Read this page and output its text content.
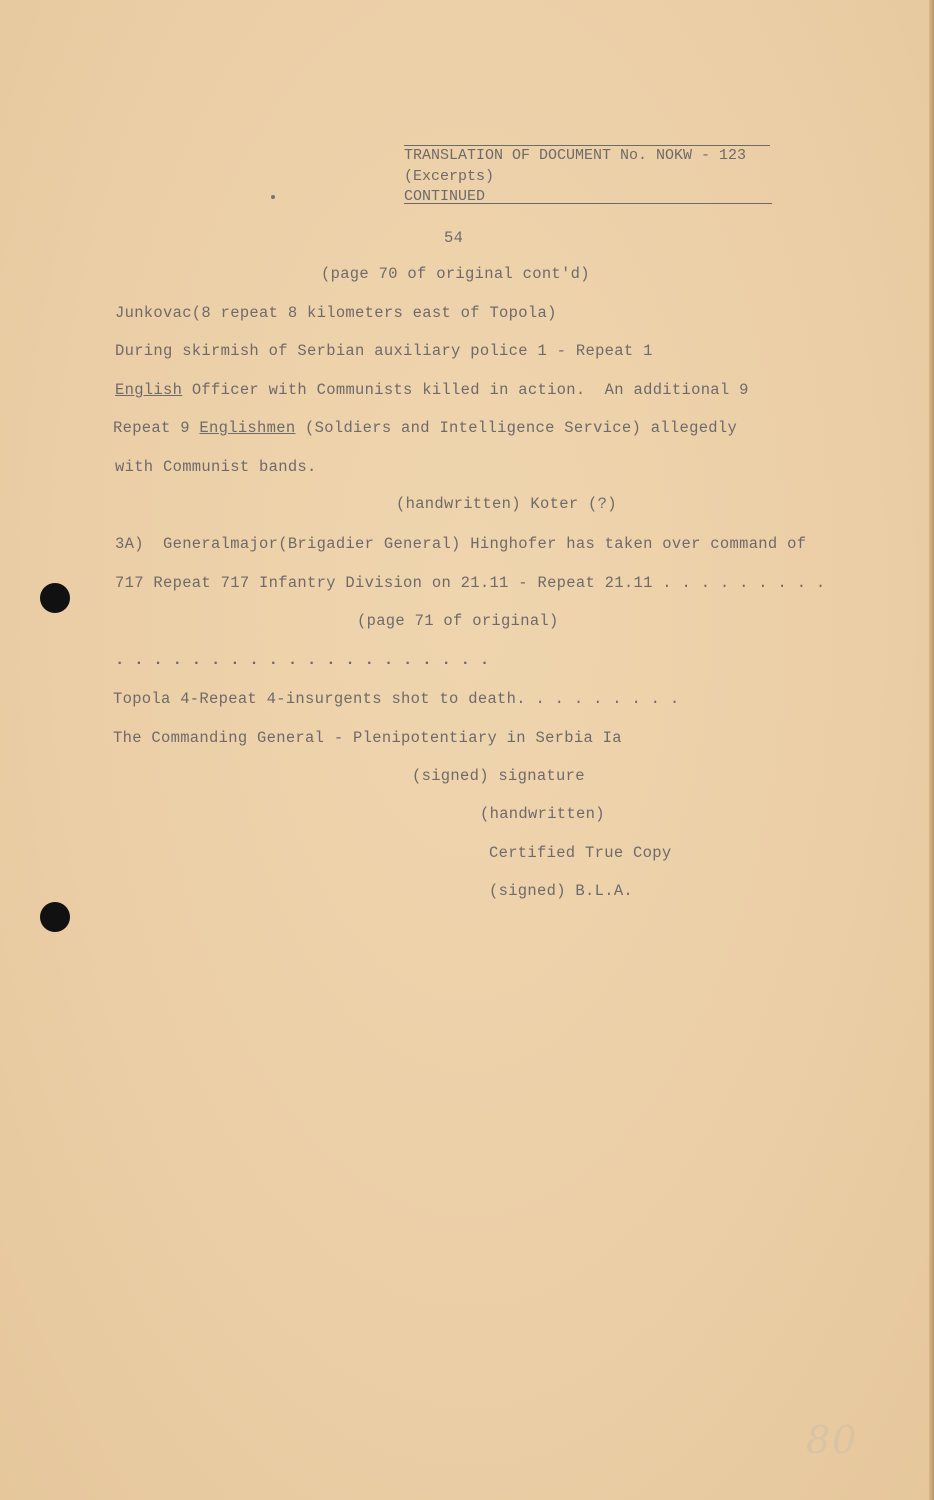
TRANSLATION OF DOCUMENT No. NOKW - 123
(Excerpts)
CONTINUED
54
(page 70 of original cont'd)
Junkovac(8 repeat 8 kilometers east of Topola)
During skirmish of Serbian auxiliary police 1 - Repeat 1
English Officer with Communists killed in action.  An additional 9
Repeat 9 Englishmen (Soldiers and Intelligence Service) allegedly
with Communist bands.
(handwritten) Koter (?)
3A)  Generalmajor(Brigadier General) Hinghofer has taken over command of
717 Repeat 717 Infantry Division on 21.11 - Repeat 21.11 . . . . . . . . .
(page 71 of original)
. . . . . . . . . . . . . . . . . . . .
Topola 4-Repeat 4-insurgents shot to death. . . . . . . . .
The Commanding General - Plenipotentiary in Serbia Ia
(signed) signature
(handwritten)
Certified True Copy
(signed) B.L.A.
80
